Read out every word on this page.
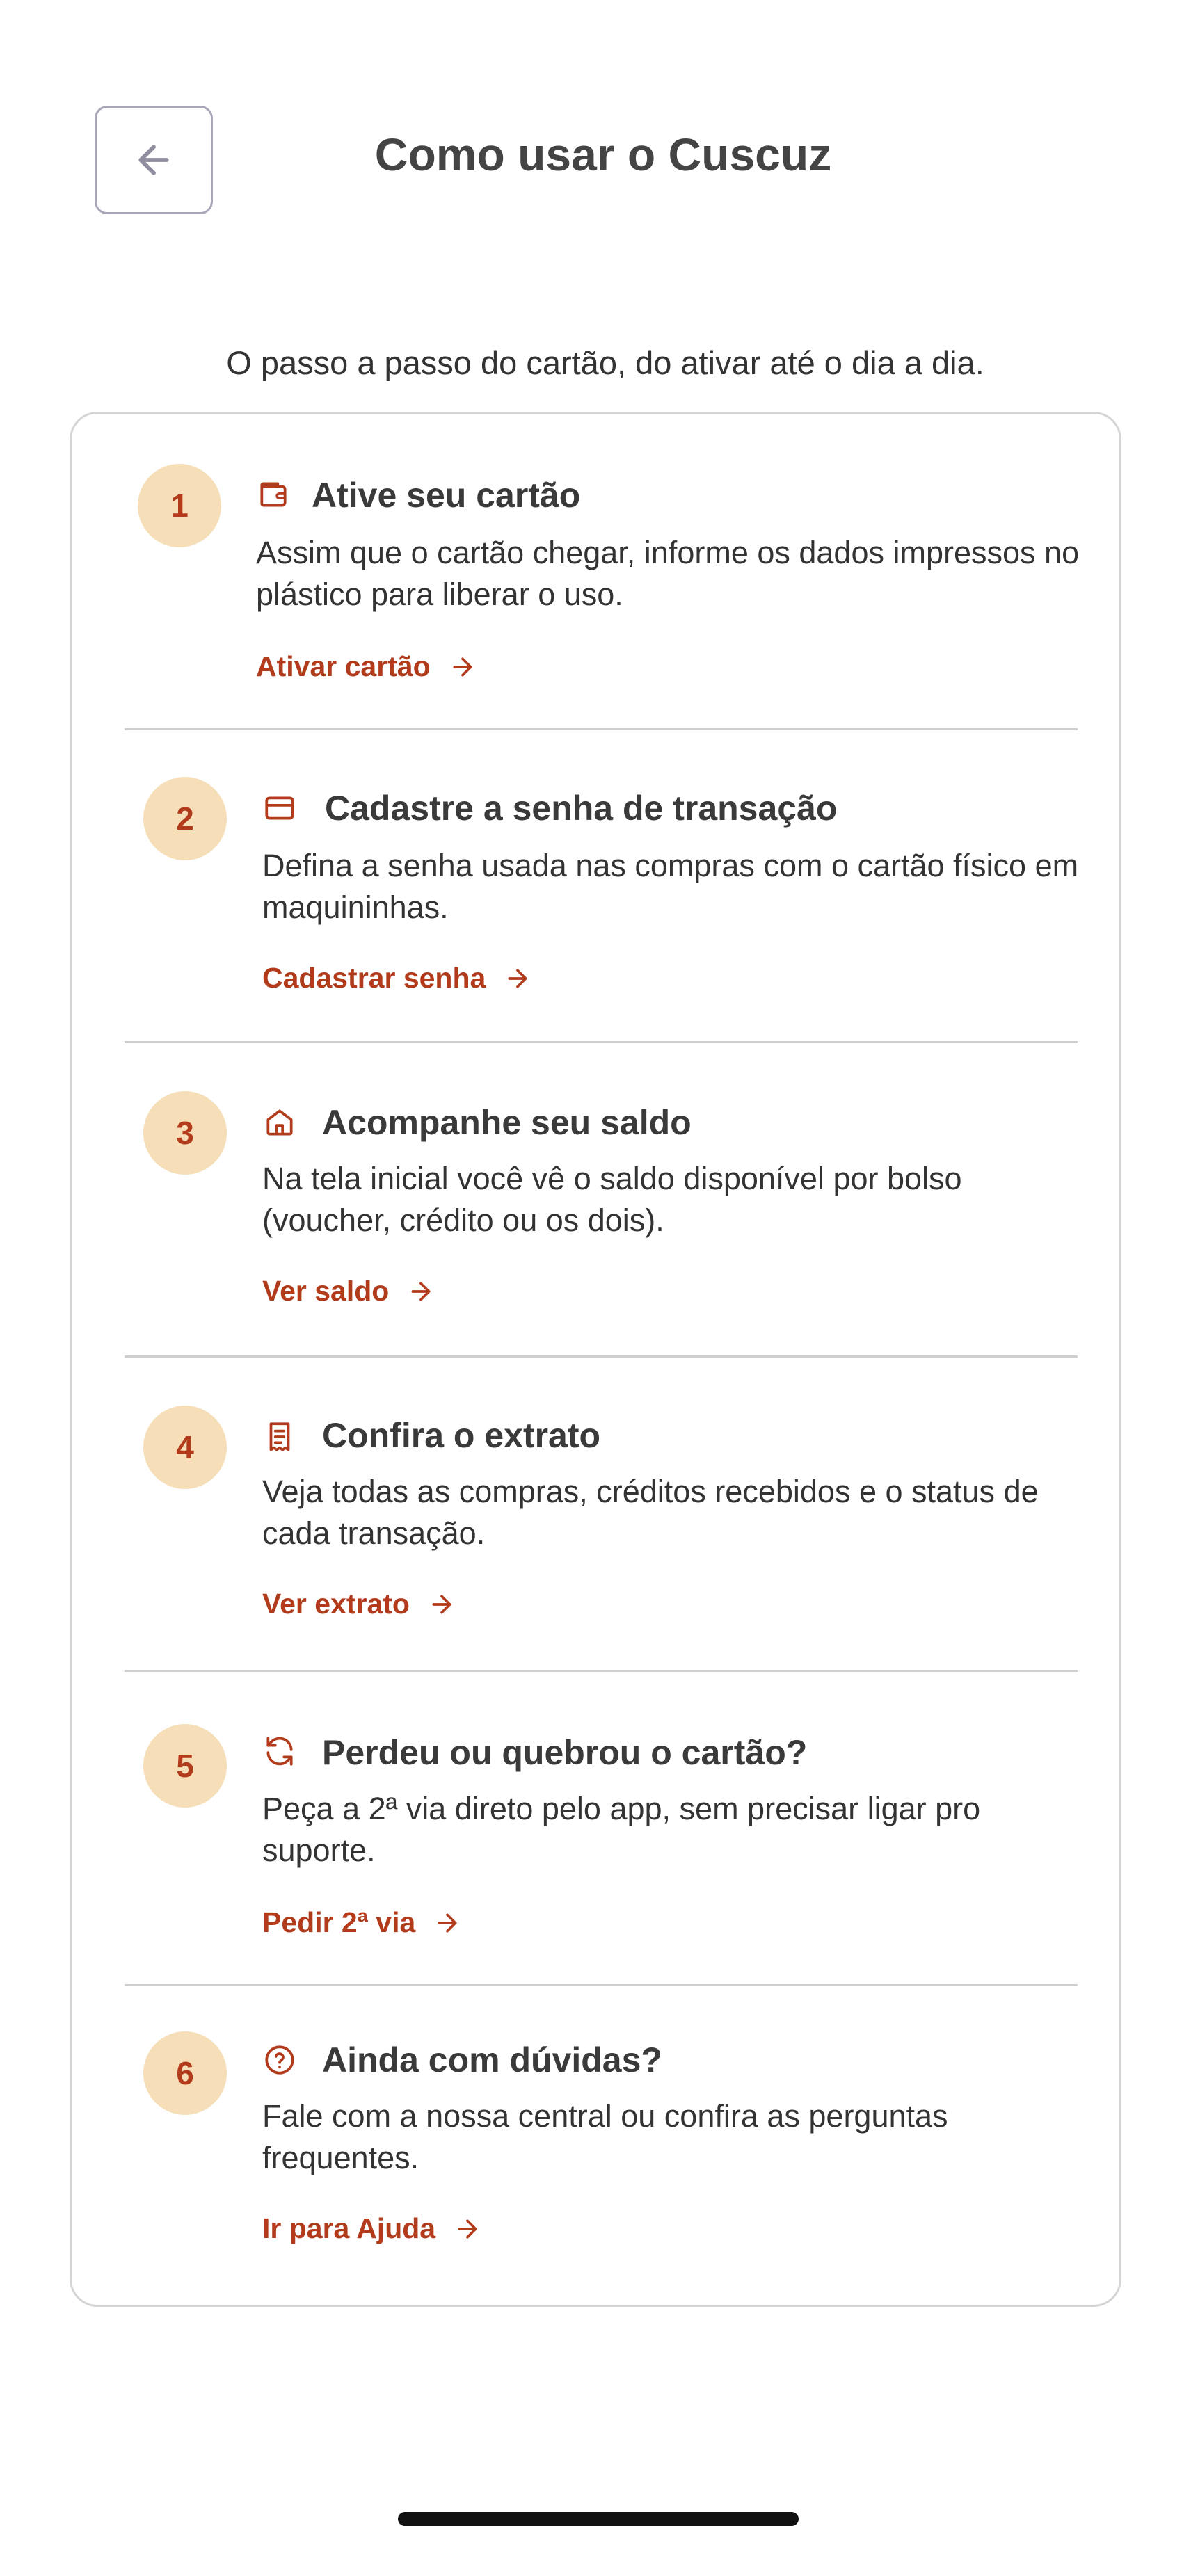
Como usar o Cuscuz
O passo a passo do cartão, do ativar até o dia a dia.
1	Ative seu cartão
Assim que o cartão chegar, informe os dados impressos no plástico para liberar o uso.
Ativar cartão
2	Cadastre a senha de transação
Defina a senha usada nas compras com o cartão físico em maquininhas.
Cadastrar senha
3	Acompanhe seu saldo
Na tela inicial você vê o saldo disponível por bolso (voucher, crédito ou os dois).
Ver saldo
4	Confira o extrato
Veja todas as compras, créditos recebidos e o status de cada transação.
Ver extrato
5	Perdeu ou quebrou o cartão?
Peça a 2ª via direto pelo app, sem precisar ligar pro suporte.
Pedir 2ª via
6	Ainda com dúvidas?
Fale com a nossa central ou confira as perguntas frequentes.
Ir para Ajuda
